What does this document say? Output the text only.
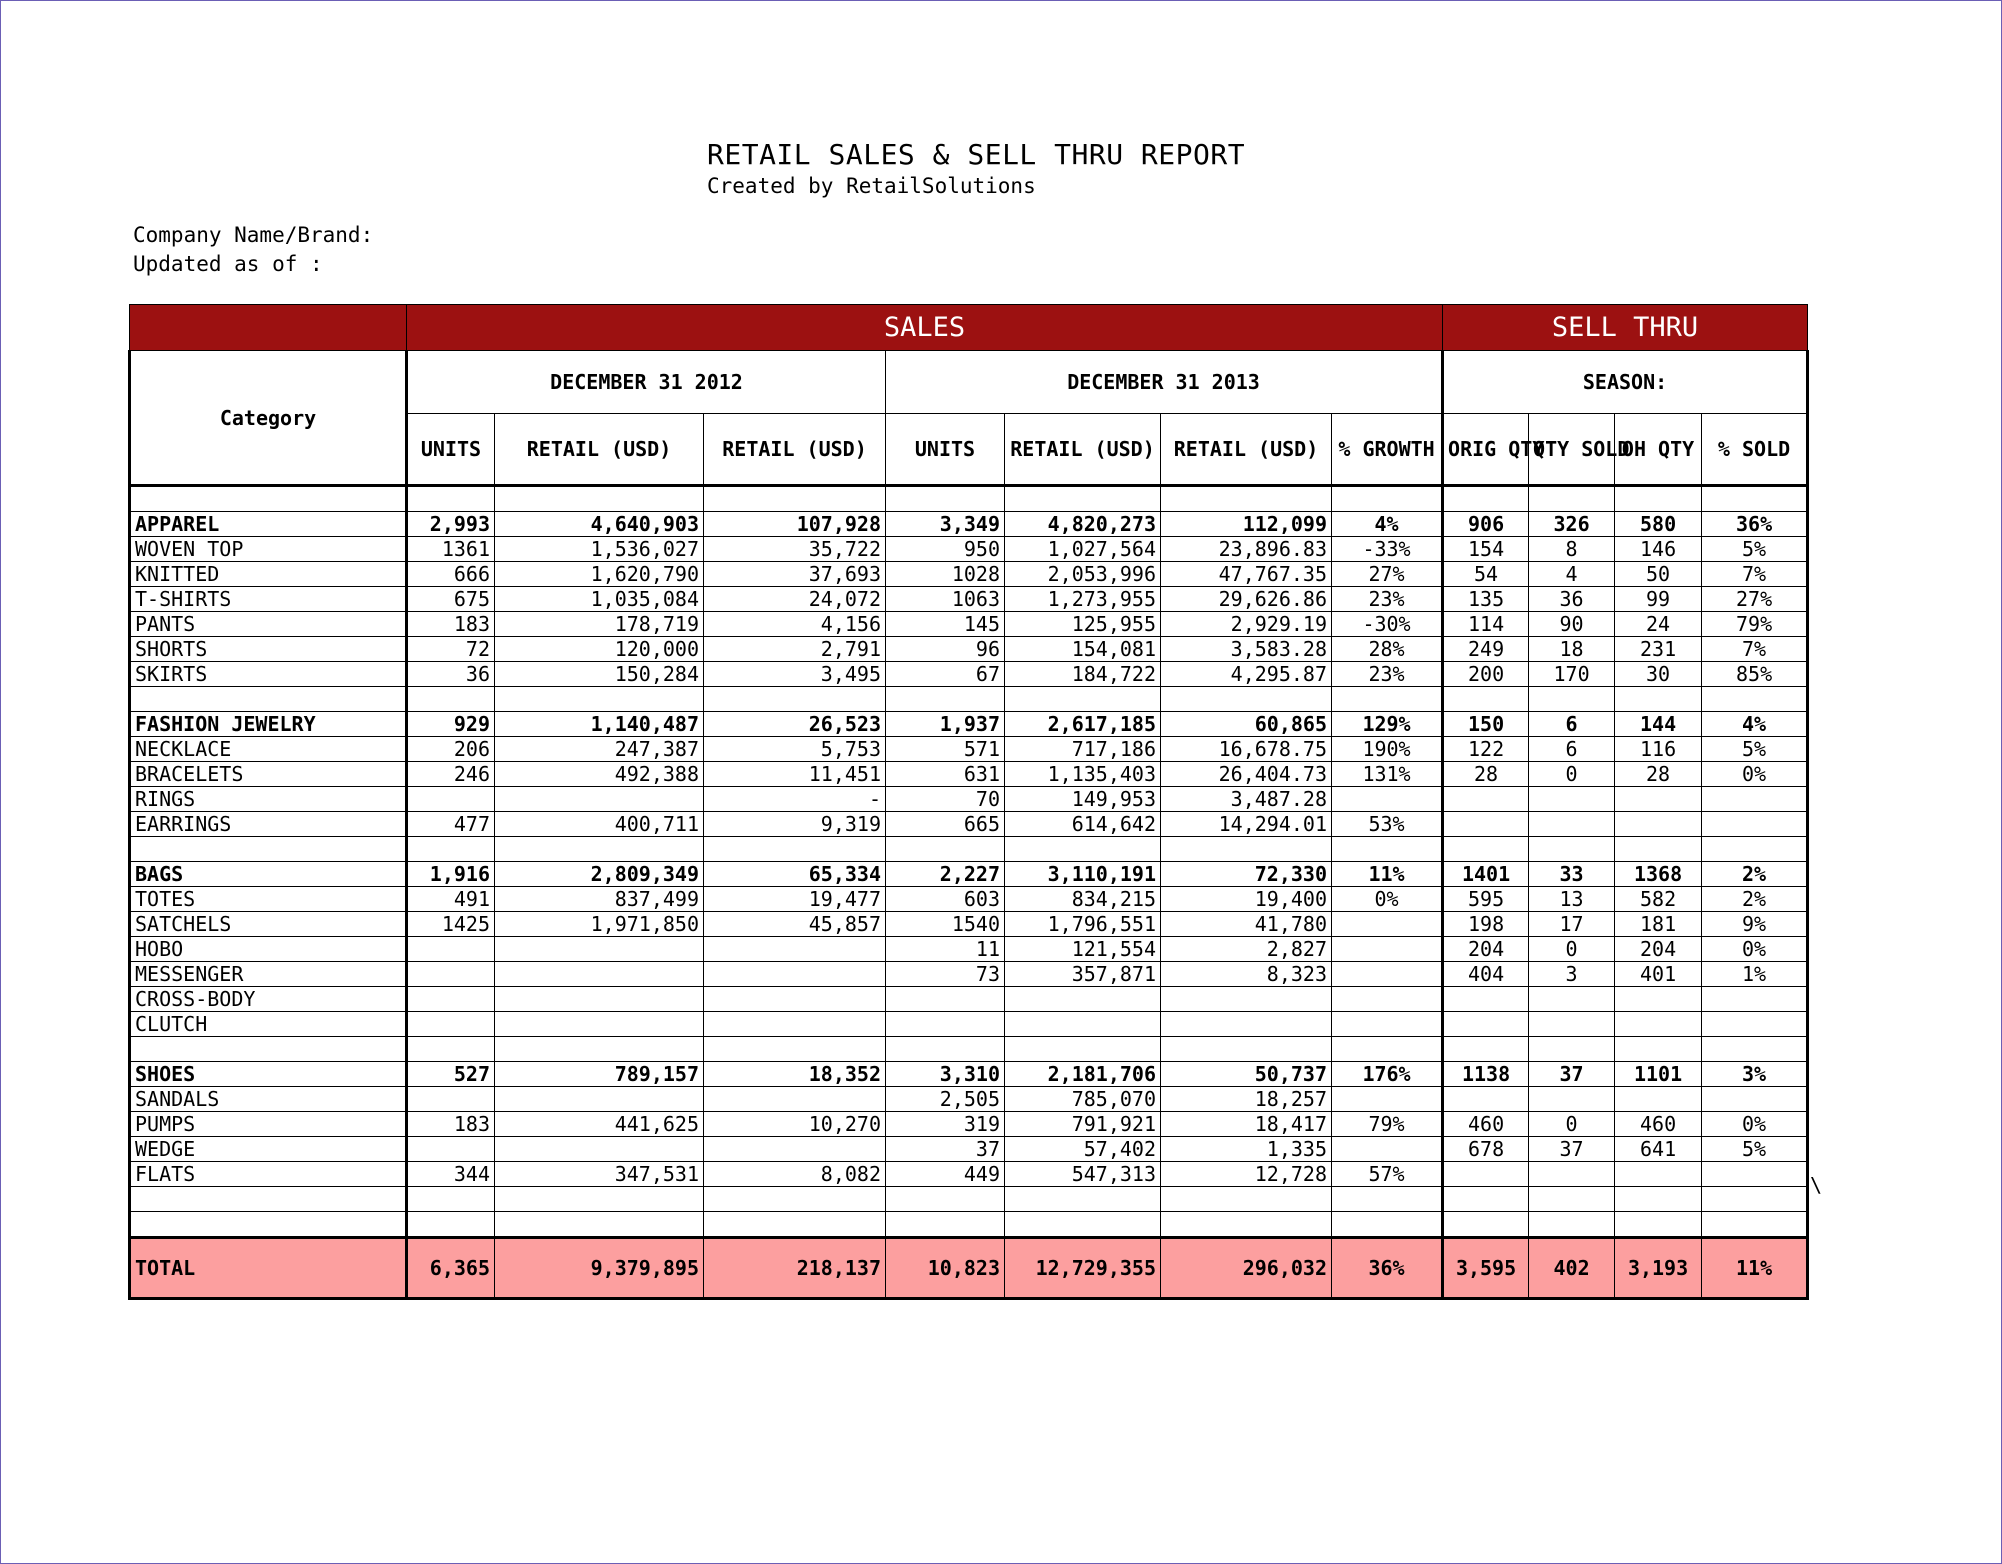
RETAIL SALES & SELL THRU REPORT
Created by RetailSolutions
Company Name/Brand:
Updated as of :
\
	SALES							SELL THRU			
Category	DECEMBER 31 2012			DECEMBER 31 2013				SEASON:			
	UNITS	RETAIL (USD)	RETAIL (USD)	UNITS	RETAIL (USD)	RETAIL (USD)	% GROWTH	ORIG QTY	QTY SOLD	OH QTY	% SOLD

APPAREL	2,993	4,640,903	107,928	3,349	4,820,273	112,099	4%	906	326	580	36%
WOVEN TOP	1361	1,536,027	35,722	950	1,027,564	23,896.83	-33%	154	8	146	5%
KNITTED	666	1,620,790	37,693	1028	2,053,996	47,767.35	27%	54	4	50	7%
T-SHIRTS	675	1,035,084	24,072	1063	1,273,955	29,626.86	23%	135	36	99	27%
PANTS	183	178,719	4,156	145	125,955	2,929.19	-30%	114	90	24	79%
SHORTS	72	120,000	2,791	96	154,081	3,583.28	28%	249	18	231	7%
SKIRTS	36	150,284	3,495	67	184,722	4,295.87	23%	200	170	30	85%

FASHION JEWELRY	929	1,140,487	26,523	1,937	2,617,185	60,865	129%	150	6	144	4%
NECKLACE	206	247,387	5,753	571	717,186	16,678.75	190%	122	6	116	5%
BRACELETS	246	492,388	11,451	631	1,135,403	26,404.73	131%	28	0	28	0%
RINGS			-	70	149,953	3,487.28					
EARRINGS	477	400,711	9,319	665	614,642	14,294.01	53%				

BAGS	1,916	2,809,349	65,334	2,227	3,110,191	72,330	11%	1401	33	1368	2%
TOTES	491	837,499	19,477	603	834,215	19,400	0%	595	13	582	2%
SATCHELS	1425	1,971,850	45,857	1540	1,796,551	41,780		198	17	181	9%
HOBO				11	121,554	2,827		204	0	204	0%
MESSENGER				73	357,871	8,323		404	3	401	1%
CROSS-BODY											
CLUTCH											

SHOES	527	789,157	18,352	3,310	2,181,706	50,737	176%	1138	37	1101	3%
SANDALS				2,505	785,070	18,257					
PUMPS	183	441,625	10,270	319	791,921	18,417	79%	460	0	460	0%
WEDGE				37	57,402	1,335		678	37	641	5%
FLATS	344	347,531	8,082	449	547,313	12,728	57%				

TOTAL	6,365	9,379,895	218,137	10,823	12,729,355	296,032	36%	3,595	402	3,193	11%
